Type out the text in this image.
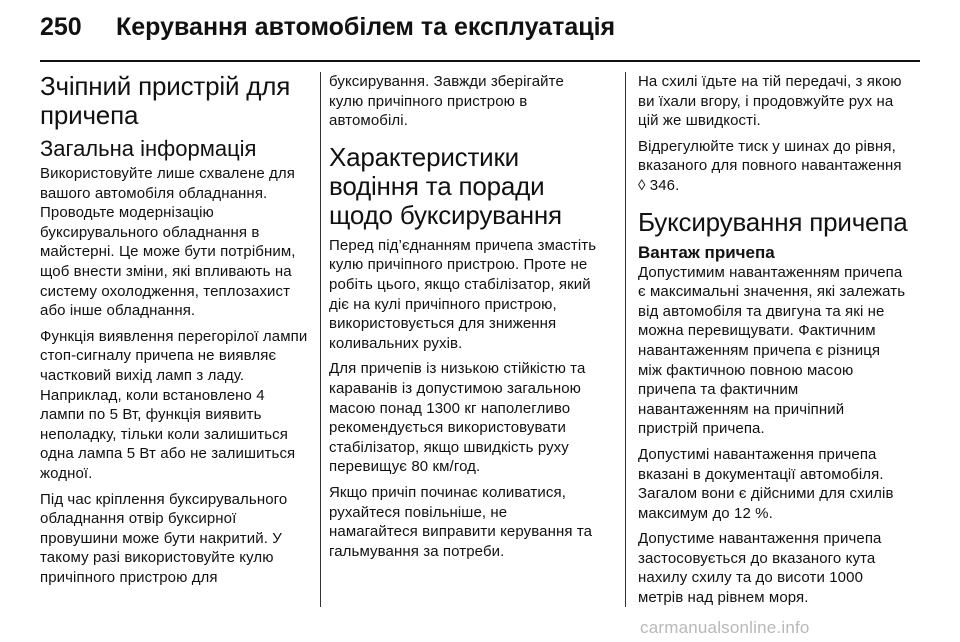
250	Керування автомобілем та експлуатація
Зчіпний пристрій для причепа
Загальна інформація

Використовуйте лише схвалене для вашого автомобіля обладнання. Проводьте модернізацію буксирувального обладнання в майстерні. Це може бути потрібним, щоб внести зміни, які впливають на систему охолодження, теплозахист або інше обладнання.

Функція виявлення перегорілої лампи стоп-сигналу причепа не виявляє частковий вихід ламп з ладу. Наприклад, коли встановлено 4 лампи по 5 Вт, функція виявить неполадку, тільки коли залишиться одна лампа 5 Вт або не залишиться жодної.

Під час кріплення буксирувального обладнання отвір буксирної провушини може бути накритий. У такому разі використовуйте кулю причіпного пристрою для

буксирування. Завжди зберігайте кулю причіпного пристрою в автомобілі.

Характеристики водіння та поради щодо буксирування

Перед під’єднанням причепа змастіть кулю причіпного пристрою. Проте не робіть цього, якщо стабілізатор, який діє на кулі причіпного пристрою, використовується для зниження коливальних рухів.

Для причепів із низькою стійкістю та караванів із допустимою загальною масою понад 1300 кг наполегливо рекомендується використовувати стабілізатор, якщо швидкість руху перевищує 80 км/год.

Якщо причіп починає коливатися, рухайтеся повільніше, не намагайтеся виправити керування та гальмування за потреби.

На схилі їдьте на тій передачі, з якою ви їхали вгору, і продовжуйте рух на цій же швидкості.

Відрегулюйте тиск у шинах до рівня, вказаного для повного навантаження ◊ 346.

Буксирування причепа
Вантаж причепа

Допустимим навантаженням причепа є максимальні значення, які залежать від автомобіля та двигуна та які не можна перевищувати. Фактичним навантаженням причепа є різниця між фактичною повною масою причепа та фактичним навантаженням на причіпний пристрій причепа.

Допустимі навантаження причепа вказані в документації автомобіля. Загалом вони є дійсними для схилів максимум до 12 %.

Допустиме навантаження причепа застосовується до вказаного кута нахилу схилу та до висоти 1000 метрів над рівнем моря.

carmanualsonline.info
